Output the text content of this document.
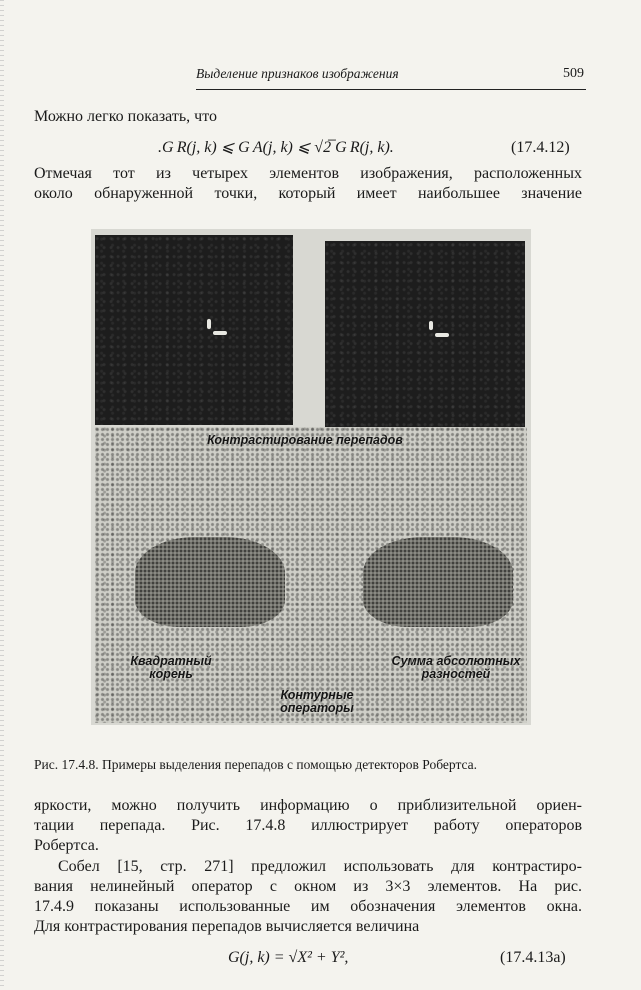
Выделение признаков изображения	509
Можно легко показать, что
.G R(j, k) ⩽ G A(j, k) ⩽ √2̅ G R(j, k).	(17.4.12)
Отмечая тот из четырех элементов изображения, расположенных
около обнаруженной точки, который имеет наибольшее значение
Контрастирование перепадов
Квадратный корень
Сумма абсолютных разностей
Контурные операторы
Рис. 17.4.8. Примеры выделения перепадов с помощью детекторов Робертса.
яркости, можно получить информацию о приблизительной ориен-
тации перепада. Рис. 17.4.8 иллюстрирует работу операторов
Робертса.
Собел [15, стр. 271] предложил использовать для контрастиро-
вания нелинейный оператор с окном из 3×3 элементов. На рис.
17.4.9 показаны использованные им обозначения элементов окна.
Для контрастирования перепадов вычисляется величина
G(j, k) = √X² + Y²,	(17.4.13а)
